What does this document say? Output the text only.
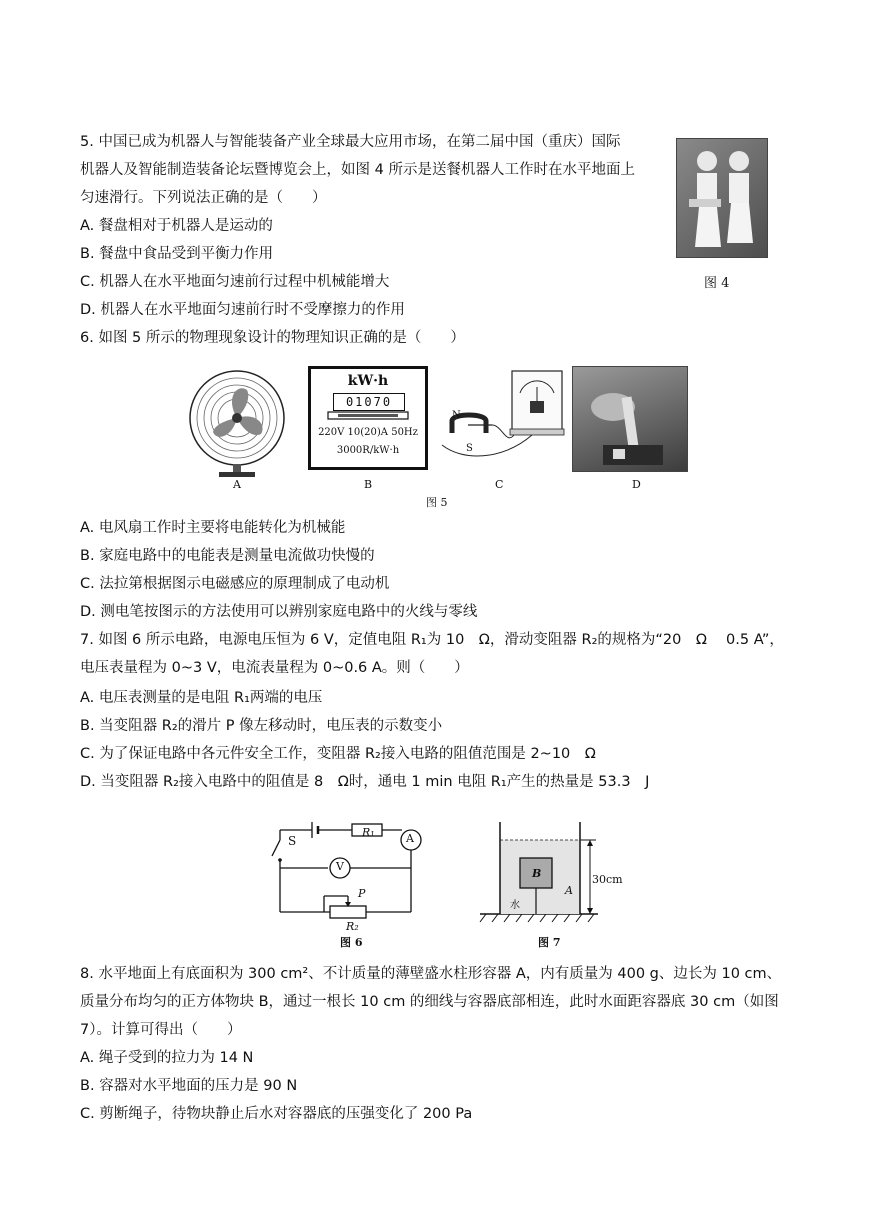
5. 中国已成为机器人与智能装备产业全球最大应用市场，在第二届中国（重庆）国际
机器人及智能制造装备论坛暨博览会上，如图 4 所示是送餐机器人工作时在水平地面上
匀速滑行。下列说法正确的是（　　）
A. 餐盘相对于机器人是运动的
B. 餐盘中食品受到平衡力作用
C. 机器人在水平地面匀速前行过程中机械能增大
D. 机器人在水平地面匀速前行时不受摩擦力的作用
图 4
6. 如图 5 所示的物理现象设计的物理知识正确的是（　　）
A
kW·h
01070
220V 10(20)A 50Hz
3000R/kW·h
B
N
S
C	D
图 5
A. 电风扇工作时主要将电能转化为机械能
B. 家庭电路中的电能表是测量电流做功快慢的
C. 法拉第根据图示电磁感应的原理制成了电动机
D. 测电笔按图示的方法使用可以辨别家庭电路中的火线与零线
7. 如图 6 所示电路，电源电压恒为 6 V，定值电阻 R₁为 10　Ω，滑动变阻器 R₂的规格为“20　Ω　 0.5 A”，
电压表量程为 0~3 V，电流表量程为 0~0.6 A。则（　　）
A. 电压表测量的是电阻 R₁两端的电压
B. 当变阻器 R₂的滑片 P 像左移动时，电压表的示数变小
C. 为了保证电路中各元件安全工作，变阻器 R₂接入电路的阻值范围是 2~10　Ω
D. 当变阻器 R₂接入电路中的阻值是 8　Ω时，通电 1 min 电阻 R₁产生的热量是 53.3　J
S
R₁	A
V
P
R₂
图 6
B
水
A
30cm
图 7
8. 水平地面上有底面积为 300 cm²、不计质量的薄壁盛水柱形容器 A，内有质量为 400 g、边长为 10 cm、
质量分布均匀的正方体物块 B，通过一根长 10 cm 的细线与容器底部相连，此时水面距容器底 30 cm（如图
7）。计算可得出（　　）
A. 绳子受到的拉力为 14 N
B. 容器对水平地面的压力是 90 N
C. 剪断绳子，待物块静止后水对容器底的压强变化了 200 Pa
